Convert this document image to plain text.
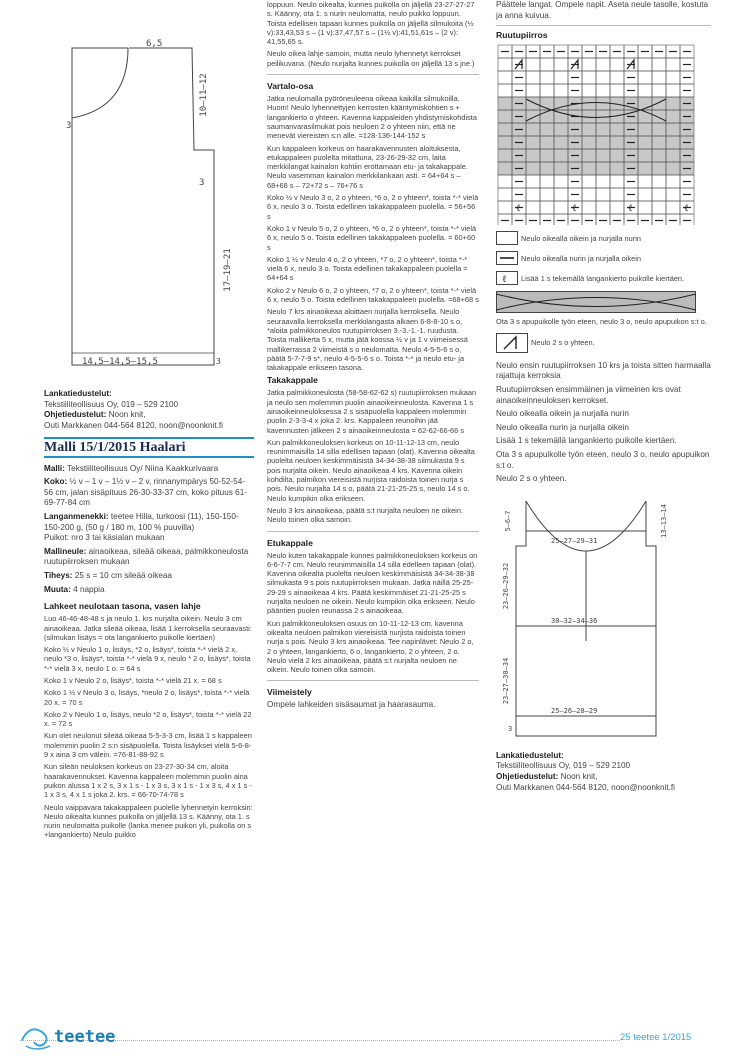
6,5
3
10–11–12
3
17–19–21
14,5–14,5–15,5	3
Lankatiedustelut:
Tekstiiliteollisuus Oy, 019 – 529 2100
Ohjetiedustelut: Noon knit,
Outi Markkanen 044-564 8120, noon@noonknit.fi
Malli 15/1/2015 Haalari

Malli: Tekstiiliteollisuus Oy/ Niina Kaakkurivaara

Koko: ½ v – 1 v – 1½ v – 2 v, rinnanympärys 50-52-54-56 cm, jalan sisäpituus 26-30-33-37 cm, koko pituus 61-69-77-84 cm

Langanmenekki: teetee Hilla, turkoosi (11), 150-150-150-200 g, (50 g / 180 m, 100 % puuvilla)

Puikot: nro 3 tai käsialan mukaan

Mallineule: ainaoikeaa, sileää oikeaa, palmikkoneulosta ruutupiirroksen mukaan

Tiheys: 25 s = 10 cm sileää oikeaa

Muuta: 4 nappia

Lahkeet neulotaan tasona, vasen lahje

Luo 46-46-48-48 s ja neulo 1. krs nurjalta oikein. Neulo 3 cm ainaoikeaa. Jatka sileää oikeaa, lisää 1.kerroksella seuraavasti: (silmukan lisäys = ota langankierto puikolle kiertäen)

Koko ½ v Neulo 1 o, lisäys, *2 o, lisäys*, toista *-* vielä 2 x, neulo *3 o, lisäys*, toista *-* vielä 9 x, neulo * 2 o, lisäys*, toista *-* vielä 3 x, neulo 1 o. = 64 s

Koko 1 v Neulo 2 o, lisäys*, toista *-* vielä 21 x. = 68 s

Koko 1 ½ v Neulo 3 o, lisäys, *neulo 2 o, lisäys*, toista *-* vielä 20 x. = 70 s

Koko 2 v Neulo 1 o, lisäys, neulo *2 o, lisäys*, toista *-* vielä 22 x. = 72 s

Kun olet neulonut sileää oikeaa 5-5-3-3 cm, lisää 1 s kappaleen molemmin puolin 2 s:n sisäpuolella. Toista lisäykset vielä 5-6-8-9 x aina 3 cm välein. =76-81-88-92 s

Kun sileän neuloksen korkeus on 23-27-30-34 cm, aloita haarakavennukset. Kavenna kappaleen molemmin puolin aina puikon alussa 1 x 2 s, 3 x 1 s - 1 x 3 s, 3 x 1 s - 1 x 3 s, 4 x 1 s - 1 x 3 s, 4 x 1 s joka 2. krs. = 66-70-74-78 s

Neulo vaippavara takakappaleen puolelle lyhennetyin kerroksin: Neulo oikealta kunnes puikolla on jäljellä 13 s. Käänny, ota 1. s nurin neulomatta puikolle (lanka menee puikon yli, puikolla on s +langankierto) Neulo puikko

loppuun. Neulo oikealta, kunnes puikolla on jäljellä 23-27-27-27 s. Käänny, ota 1. s nurin neulomatta, neulo puikko loppuun. Toista edellisen tapaan kunnes puikolla on jäljellä silmukoita (½ v):33,43,53 s – (1 v):37,47,57 s – (1½ v):41,51,61s – (2 v): 41,55,65 s.

Neulo oikea lahje samoin, mutta neulo lyhennetyt kerrokset peilikuvana. (Neulo nurjalta kunnes puikolla on jäljellä 13 s jne.)

Vartalo-osa

Jatka neulomalla pyöröneuleena oikeaa kaikilla silmukoilla. Huom! Neulo lyhennettyjen kerrosten kääntymiskohtien s + langankierto o yhteen. Kavenna kappaleiden yhdistymiskohdista saumanvarasilmukat pois neuloen 2 o yhteen niin, että ne menevät viereisten s:n alle. =128-136-144-152 s

Kun kappaleen korkeus on haarakavennusten aloituksesta, etukappaleen puolelta mitattuna, 23-26-29-32 cm, laita merkkilangat kainalon kohtiin erottamaan etu- ja takakappale. Neulo vasemman kainalon merkkilankaan asti. = 64+64 s –68+68 s – 72+72 s – 76+76 s

Koko ½ v Neulo 3 o, 2 o yhteen, *6 o, 2 o yhteen*, toista *-* vielä 6 x, neulo 3 o. Toista edellinen takakappaleen puolella. = 56+56 s

Koko 1 v Neulo 5 o, 2 o yhteen, *6 o, 2 o yhteen*, toista *-* vielä 6 x, neulo 5 o. Toista edellinen takakappaleen puolella. = 60+60 s

Koko 1 ½ v Neulo 4 o, 2 o yhteen, *7 o, 2 o yhteen*, toista *-* vielä 6 x, neulo 3 o. Toista edellinen takakappaleen puolella = 64+64 s

Koko 2 v Neulo 6 o, 2 o yhteen, *7 o, 2 o yhteen*, toista *-* vielä 6 x, neulo 5 o. Toista edellinen takakappaleen puolella. =68+68 s

Neulo 7 krs ainaoikeaa aloittaen nurjalla kerroksella. Neulo seuraavalla kerroksella merkkilangasta alkaen 6-8-8-10 s o, *aloita palmikkoneulos ruutupiirroksen 3.-3.-1.-1. ruudusta. Toista mallikerta 5 x, mutta jätä koossa ½ v ja 1 v viimeisessä mallikerrassa 2 viimeistä s o neulomatta. Neulo 4-5-5-6 s o, päätä 5-7-7-9 s*, neulo 4-5-5-6 s o. Toista *-* ja neulo etu- ja takakappale erikseen tasona.

Takakappale

Jatka palmikkoneulosta (58-58-62-62 s) ruutupiirroksen mukaan ja neulo sen molemmin puolin ainaoikeinneulosta. Kavenna 1 s ainaoikeinneuloksessa 2 s sisäpuolella kappaleen molemmin puolin 2-3-3-4 x joka 2. krs. Kappaleen reunoihin jää kavennusten jälkeen 2 s ainaoikeinneulosta = 62-62-66-66 s

Kun palmikkoneuloksen korkeus on 10-11-12-13 cm, neulo reunimmaisilla 14 silla edellisen tapaan (olat). Kavenna oikealta puolelta neuloen keskimmäisistä 34-34-38-38 silmukasta 9 s pois nurjalta oikein. Neulo ainaoikeaa 4 krs. Kavenna oikein kohdilta, palmikon viereisistä nurjista raidoista toinen nurja s pois. Neulo nurjalta 14 s o, päätä 21-21-25-25 s, neulo 14 s o. Neulo kumpikin olka erikseen.

Neulo 3 krs ainaoikeaa, päätä s:t nurjalta neuloen ne oikein. Neulo toinen olka samoin.

Etukappale

Neulo kuten takakappale kunnes palmikkoneuloksen korkeus on 6-6-7-7 cm. Neulo reunimmaisilla 14 silla edelleen tapaan (olat). Kavenna oikealta puolelta neuloen keskimmäisistä 34-34-38-38 silmukasta 9 s pois ruutupiirroksen mukaan. Jatka näillä 25-25-29-29 s ainaoikeaa 4 krs. Päätä keskimmäiset 21-21-25-25 s nurjalta neuloen ne oikein. Neulo kumpikin olka erikseen. Neulo pääntien puolen reunassa 2 s ainaoikeaa.

Kun palmikkoneuloksen osuus on 10-11-12-13 cm, kavenna oikealta neuloen palmikon viereisistä nurjista raidoista toinen nurja s pois. Neulo 3 krs ainaoikeaa. Tee napinlävet: Neulo 2 o, 2 o yhteen, langankierto, 6 o, langankierto, 2 o yhteen, 2 o. Neulo vielä 2 krs ainaoikeaa, päätä s:t nurjalta neuloen ne oikein. Neulo toinen olka samoin.

Viimeistely

Ompele lahkeiden sisäsaumat ja haarasauma.

Päättele langat. Ompele napit. Aseta neule tasolle, kostuta ja anna kuivua.

Ruutupiirros
ℓ	ℓ	ℓ	ℓ
Neulo oikealla oikein ja nurjalla nurin
Neulo oikealla nurin ja nurjalla oikein
ℓ Lisää 1 s tekemällä langankierto puikolle kiertäen.
Ota 3 s apupuikolle työn eteen, neulo 3 o, neulo apupuikon s:t o.
Neulo 2 s o yhteen.

Neulo ensin ruutupiirroksen 10 krs ja toista sitten harmaalla rajattuja kerroksia

Ruutupiirroksen ensimmäinen ja viimeinen krs ovat ainaoikeinneuloksen kerrokset.

Neulo oikealla oikein ja nurjalla nurin

Neulo oikealla nurin ja nurjalla oikein

Lisää 1 s tekemällä langankierto puikolle kiertäen.

Ota 3 s apupuikolle työn eteen, neulo 3 o, neulo apupuikon s:t o.

Neulo 2 s o yhteen.

5–6–7	13–13–14
25–27–29–31
23–26–29–32
30–32–34–36
23–27–30–34
25–26–28–29
3
Lankatiedustelut:
Tekstiiliteollisuus Oy, 019 – 529 2100
Ohjetiedustelut: Noon knit,
Outi Markkanen 044-564 8120, noon@noonknit.fi
teetee	25 teetee 1/2015
